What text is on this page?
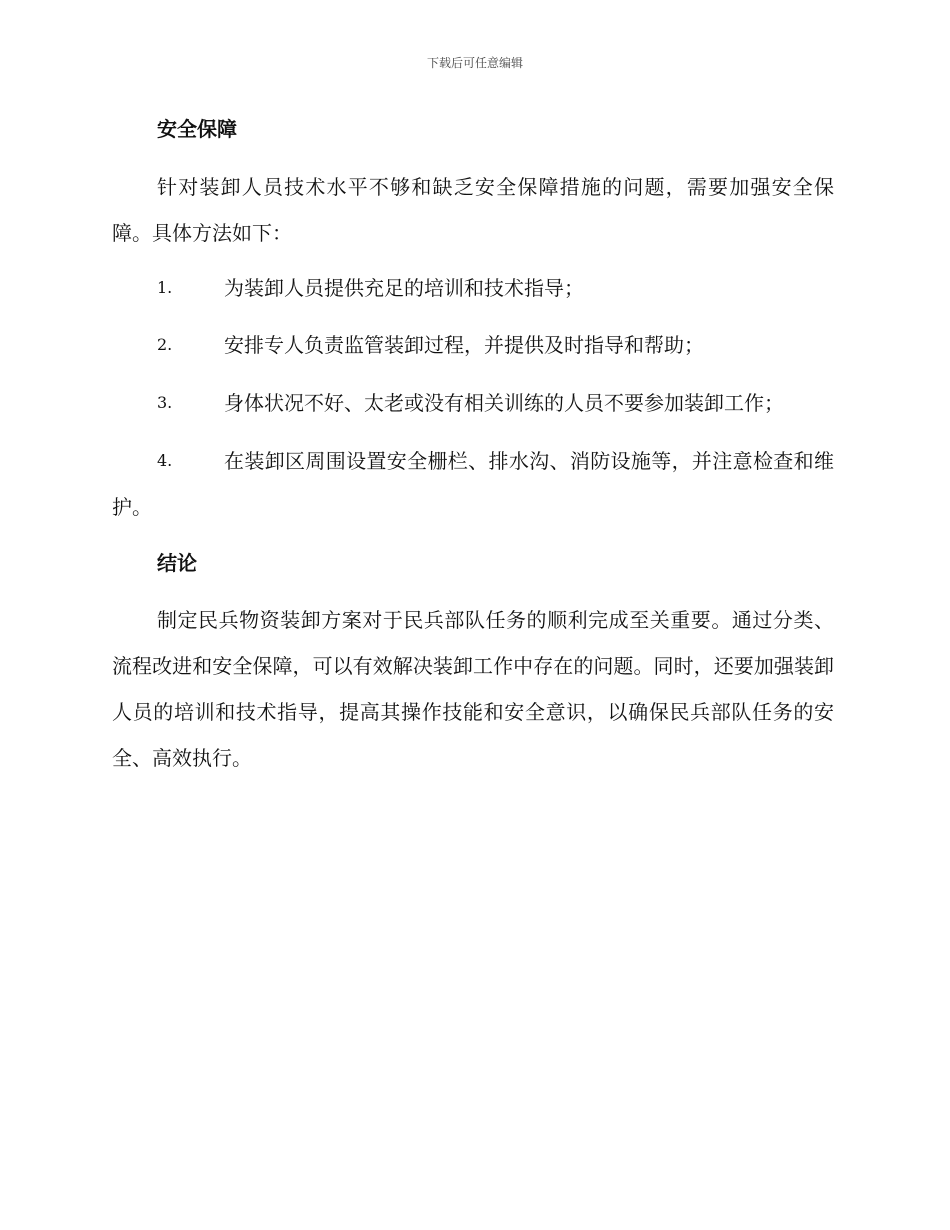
下载后可任意编辑
安全保障
针对装卸人员技术水平不够和缺乏安全保障措施的问题，需要加强安全保障。具体方法如下：
1.	为装卸人员提供充足的培训和技术指导；
2.	安排专人负责监管装卸过程，并提供及时指导和帮助；
3.	身体状况不好、太老或没有相关训练的人员不要参加装卸工作；
4.	在装卸区周围设置安全栅栏、排水沟、消防设施等，并注意检查和维护。
结论
制定民兵物资装卸方案对于民兵部队任务的顺利完成至关重要。通过分类、流程改进和安全保障，可以有效解决装卸工作中存在的问题。同时，还要加强装卸人员的培训和技术指导，提高其操作技能和安全意识，以确保民兵部队任务的安全、高效执行。
